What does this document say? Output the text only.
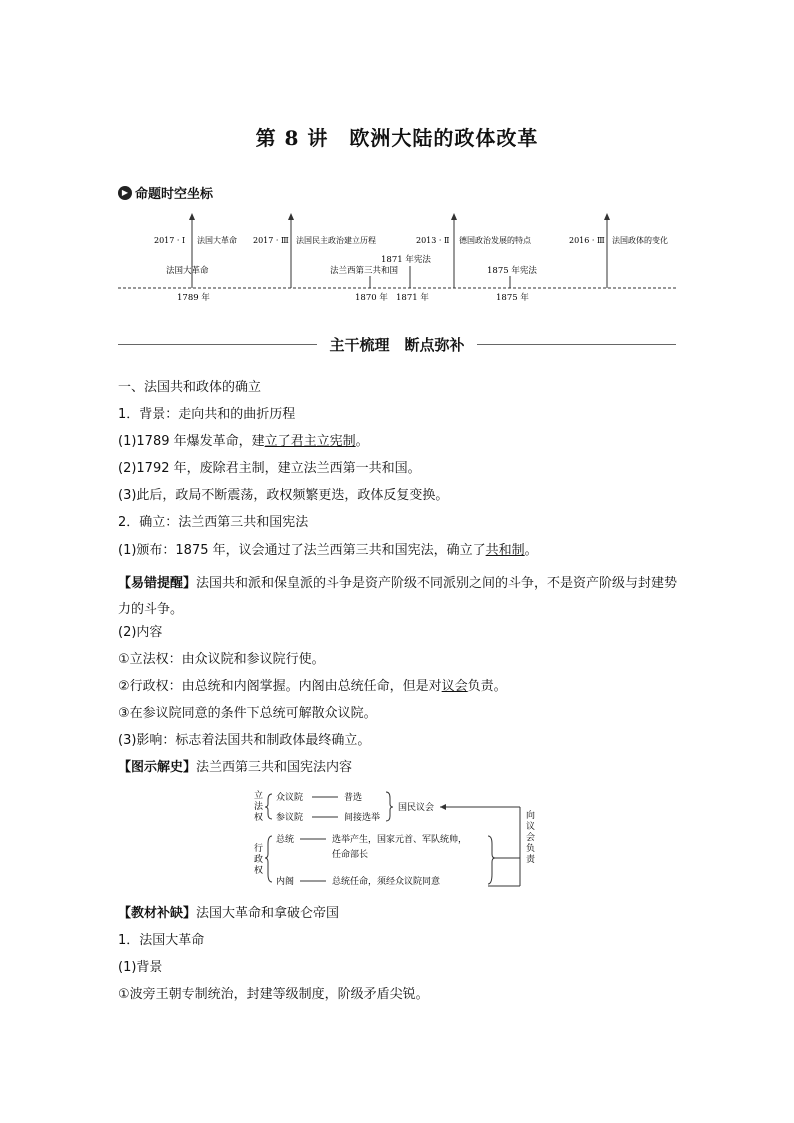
第 8 讲　欧洲大陆的政体改革
▶ 命题时空坐标
2017 · Ⅰ 法国大革命 2017 · Ⅲ 法国民主政治建立历程	2013 · Ⅱ 德国政治发展的特点	2016 · Ⅲ 法国政体的变化
法国大革命	法兰西第三共和国
1871 年宪法
1875 年宪法
1789 年	1870 年 1871 年	1875 年
主干梳理　断点弥补
一、法国共和政体的确立
1．背景：走向共和的曲折历程
(1)1789 年爆发革命，建立了君主立宪制。
(2)1792 年，废除君主制，建立法兰西第一共和国。
(3)此后，政局不断震荡，政权频繁更迭，政体反复变换。
2．确立：法兰西第三共和国宪法
(1)颁布：1875 年，议会通过了法兰西第三共和国宪法，确立了共和制。
【易错提醒】法国共和派和保皇派的斗争是资产阶级不同派别之间的斗争，不是资产阶级与封建势力的斗争。
(2)内容
①立法权：由众议院和参议院行使。
②行政权：由总统和内阁掌握。内阁由总统任命，但是对议会负责。
③在参议院同意的条件下总统可解散众议院。
(3)影响：标志着法国共和制政体最终确立。
【图示解史】法兰西第三共和国宪法内容
立 法 权
众议院	普选
参议院	间接选举
国民议会
向 议 会 负 责
行 政 权
总统	选举产生，国家元首、军队统帅，
任命部长
内阁	总统任命，须经众议院同意
【教材补缺】法国大革命和拿破仑帝国
1．法国大革命
(1)背景
①波旁王朝专制统治，封建等级制度，阶级矛盾尖锐。
